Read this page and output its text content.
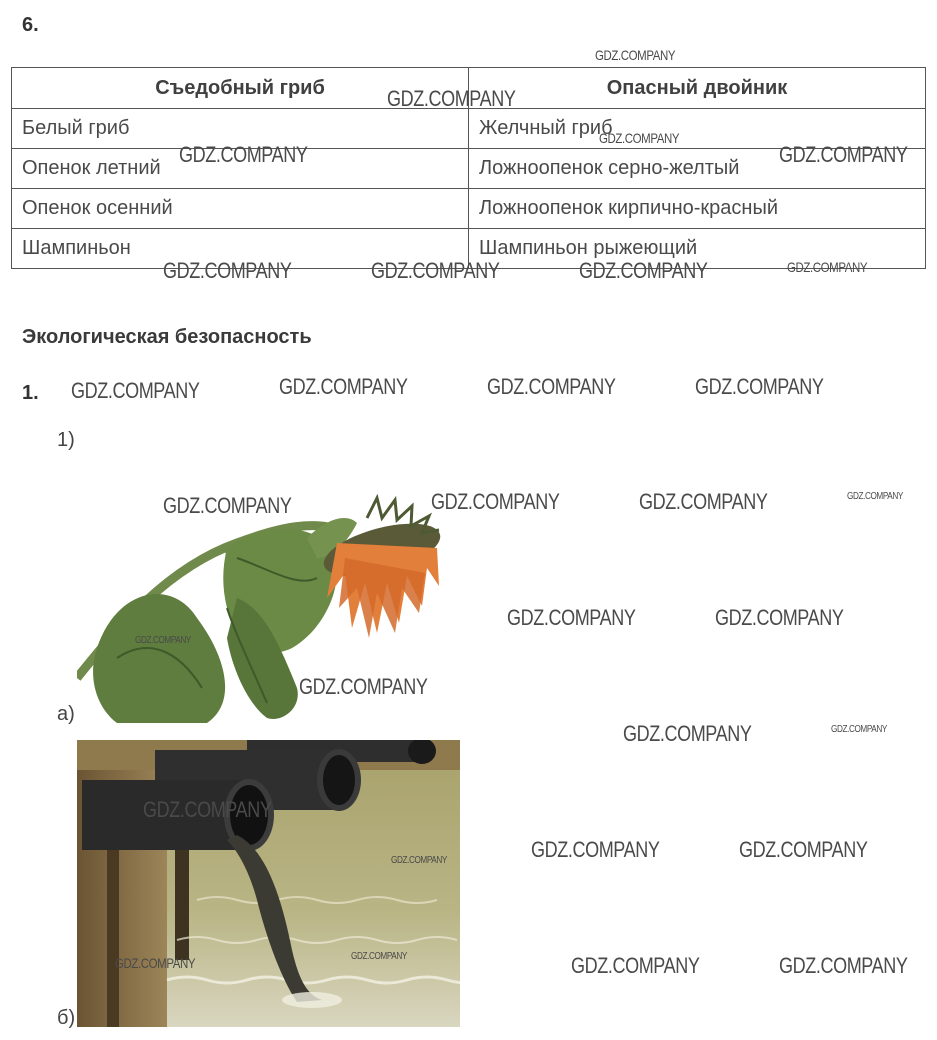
6.
Съедобный гриб	Опасный двойник
Белый гриб	Желчный гриб
Опенок летний	Ложноопенок серно-желтый
Опенок осенний	Ложноопенок кирпично-красный
Шампиньон	Шампиньон рыжеющий
Экологическая безопасность
1.
1)
а)
б)
GDZ.COMPANY
GDZ.COMPANY
GDZ.COMPANY
GDZ.COMPANY	GDZ.COMPANY
GDZ.COMPANY	GDZ.COMPANY	GDZ.COMPANY	GDZ.COMPANY
GDZ.COMPANY	GDZ.COMPANY	GDZ.COMPANY	GDZ.COMPANY
GDZ.COMPANY	GDZ.COMPANY	GDZ.COMPANY	GDZ.COMPANY
GDZ.COMPANY
GDZ.COMPANY	GDZ.COMPANY
GDZ.COMPANY
GDZ.COMPANY	GDZ.COMPANY
GDZ.COMPANY
GDZ.COMPANY	GDZ.COMPANY	GDZ.COMPANY
GDZ.COMPANY	GDZ.COMPANY	GDZ.COMPANY	GDZ.COMPANY
